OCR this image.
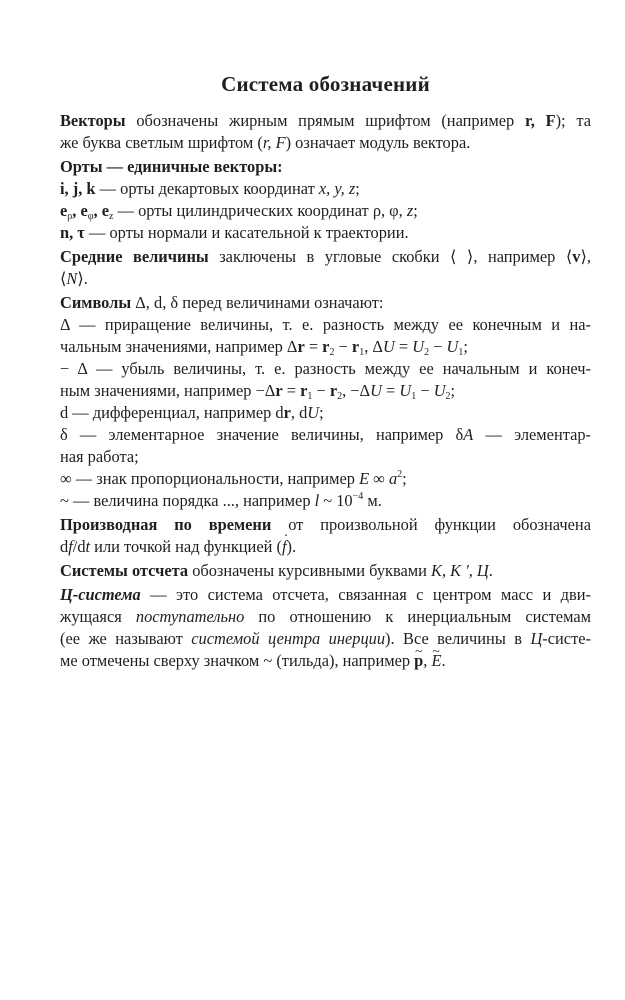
Система обозначений
Векторы обозначены жирным прямым шрифтом (например r, F); та
же буква светлым шрифтом (r, F) означает модуль вектора.
Орты — единичные векторы:
i, j, k — орты декартовых координат x, y, z;
$e_\rho$, $e_\varphi$, $e_z$ — орты цилиндрических координат ρ, φ, z;
n, τ — орты нормали и касательной к траектории.
Средние величины заключены в угловые скобки ⟨ ⟩, например ⟨v⟩,
⟨N⟩.
Символы Δ, d, δ перед величинами означают:
Δ — приращение величины, т. е. разность между ее конечным и на-
чальным значениями, например $\Delta r = r_2 - r_1$, $\Delta U = U_2 - U_1$;
− Δ — убыль величины, т. е. разность между ее начальным и конеч-
ным значениями, например $-\Delta r = r_1 - r_2$, $-\Delta U = U_1 - U_2$;
d — дифференциал, например dr, dU;
δ — элементарное значение величины, например δA — элементар-
ная работа;
∞ — знак пропорциональности, например E ∞ $a^2$;
~ — величина порядка ..., например l ~ $10^{-4}$ м.
Производная по времени от произвольной функции обозначена
df/dt или точкой над функцией (f ·).
Системы отсчета обозначены курсивными буквами K, K ', Ц.
Ц-система — это система отсчета, связанная с центром масс и дви-
жущаяся поступательно по отношению к инерциальным системам
(ее же называют системой центра инерции). Все величины в Ц-систе-
ме отмечены сверху значком ~ (тильда), например p ~, E ~.
